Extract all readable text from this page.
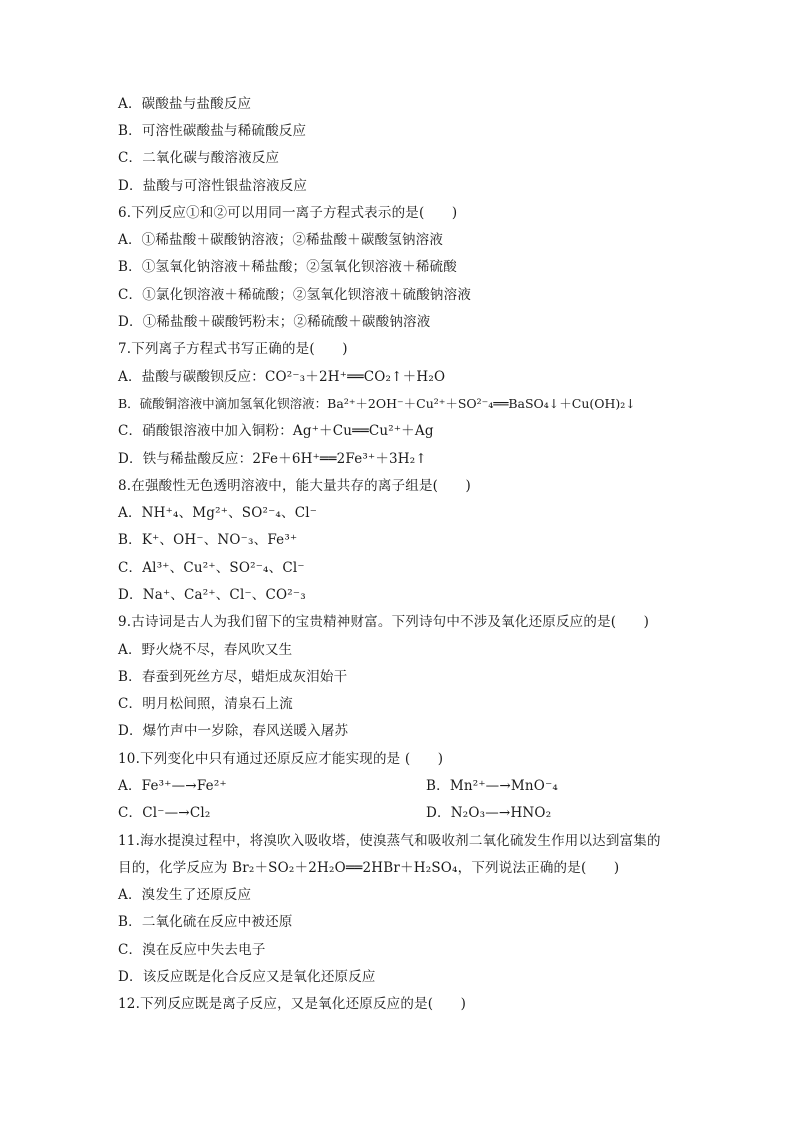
A．碳酸盐与盐酸反应
B．可溶性碳酸盐与稀硫酸反应
C．二氧化碳与酸溶液反应
D．盐酸与可溶性银盐溶液反应
6.下列反应①和②可以用同一离子方程式表示的是(　　)
A．①稀盐酸＋碳酸钠溶液；②稀盐酸＋碳酸氢钠溶液
B．①氢氧化钠溶液＋稀盐酸；②氢氧化钡溶液＋稀硫酸
C．①氯化钡溶液＋稀硫酸；②氢氧化钡溶液＋硫酸钠溶液
D．①稀盐酸＋碳酸钙粉末；②稀硫酸＋碳酸钠溶液
7.下列离子方程式书写正确的是(　　)
A．盐酸与碳酸钡反应：CO²⁻₃＋2H⁺══CO₂↑＋H₂O
B．硫酸铜溶液中滴加氢氧化钡溶液：Ba²⁺＋2OH⁻＋Cu²⁺＋SO²⁻₄══BaSO₄↓＋Cu(OH)₂↓
C．硝酸银溶液中加入铜粉：Ag⁺＋Cu══Cu²⁺＋Ag
D．铁与稀盐酸反应：2Fe＋6H⁺══2Fe³⁺＋3H₂↑
8.在强酸性无色透明溶液中，能大量共存的离子组是(　　)
A．NH⁺₄、Mg²⁺、SO²⁻₄、Cl⁻
B．K⁺、OH⁻、NO⁻₃、Fe³⁺
C．Al³⁺、Cu²⁺、SO²⁻₄、Cl⁻
D．Na⁺、Ca²⁺、Cl⁻、CO²⁻₃
9.古诗词是古人为我们留下的宝贵精神财富。下列诗句中不涉及氧化还原反应的是(　　)
A．野火烧不尽，春风吹又生
B．春蚕到死丝方尽，蜡炬成灰泪始干
C．明月松间照，清泉石上流
D．爆竹声中一岁除，春风送暖入屠苏
10.下列变化中只有通过还原反应才能实现的是 (　　)
A．Fe³⁺—→Fe²⁺	B．Mn²⁺—→MnO⁻₄
C．Cl⁻—→Cl₂	D．N₂O₃—→HNO₂
11.海水提溴过程中，将溴吹入吸收塔，使溴蒸气和吸收剂二氧化硫发生作用以达到富集的
目的，化学反应为 Br₂＋SO₂＋2H₂O══2HBr＋H₂SO₄，下列说法正确的是(　　)
A．溴发生了还原反应
B．二氧化硫在反应中被还原
C．溴在反应中失去电子
D．该反应既是化合反应又是氧化还原反应
12.下列反应既是离子反应，又是氧化还原反应的是(　　)
